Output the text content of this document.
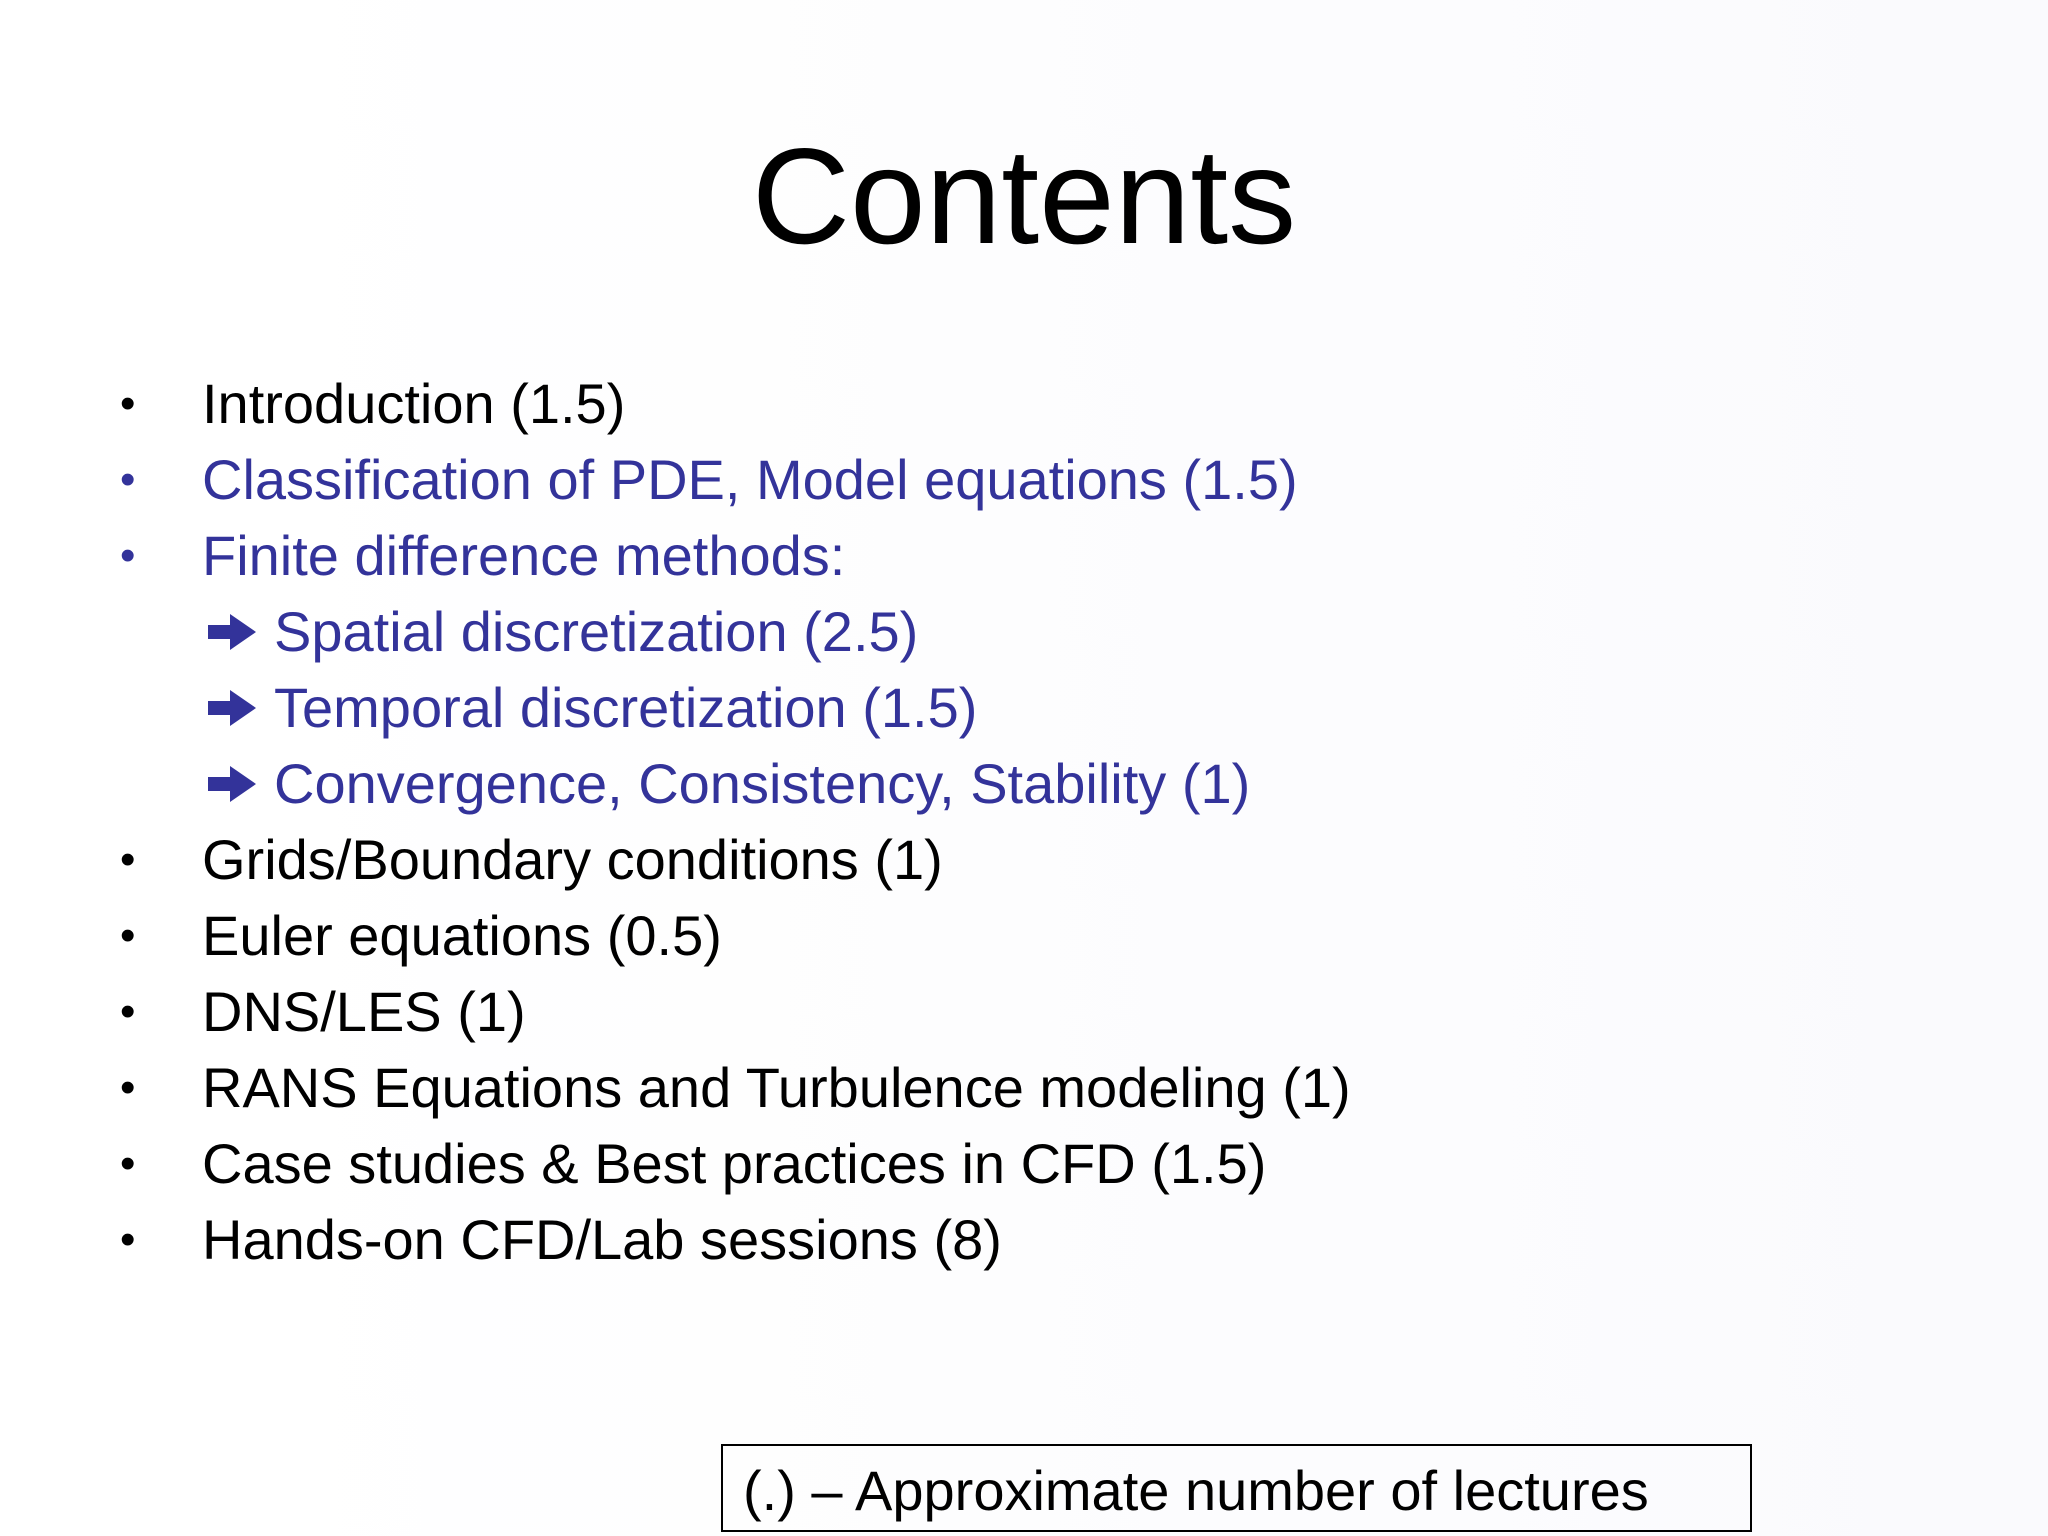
Contents
• Introduction (1.5)
• Classification of PDE, Model equations (1.5)
• Finite difference methods:
Spatial discretization (2.5)
Temporal discretization (1.5)
Convergence, Consistency, Stability (1)
• Grids/Boundary conditions (1)
• Euler equations (0.5)
• DNS/LES (1)
• RANS Equations and Turbulence modeling (1)
• Case studies & Best practices in CFD (1.5)
• Hands-on CFD/Lab sessions (8)
(.) – Approximate number of lectures
